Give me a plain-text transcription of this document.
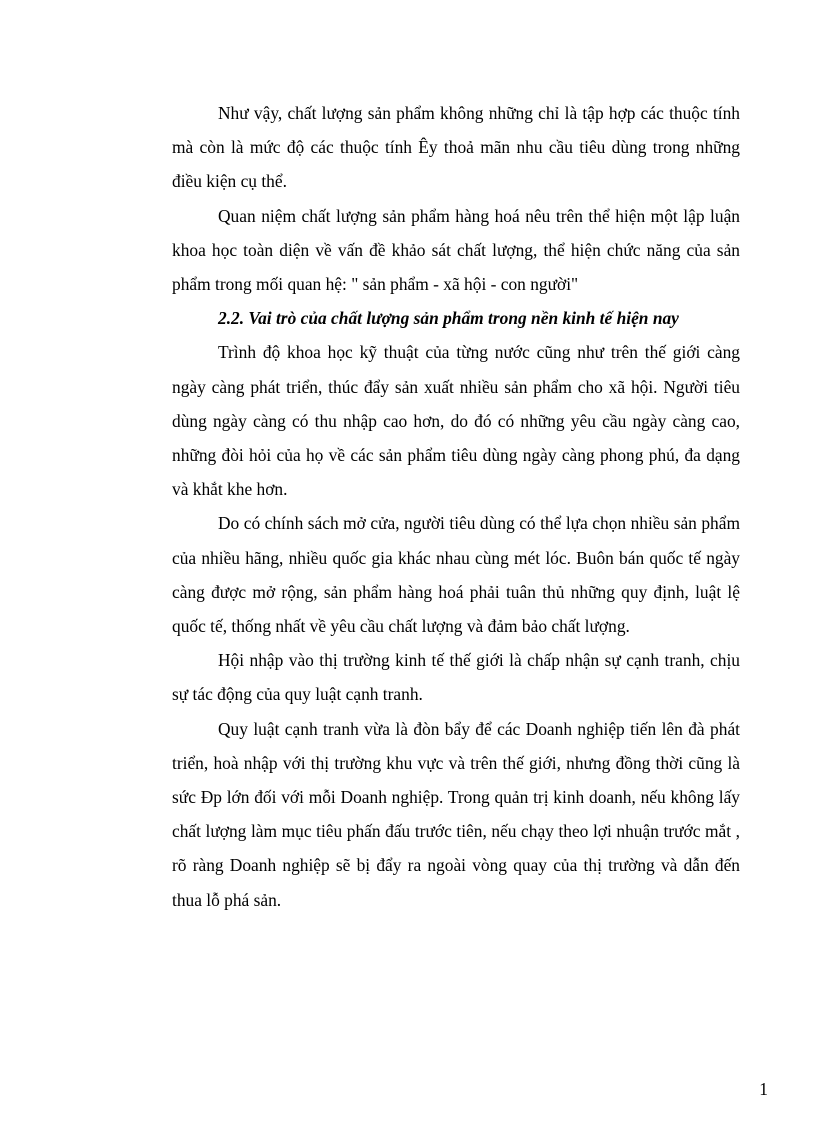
Như vậy, chất lượng sản phẩm không những chỉ là tập hợp các thuộc tính mà còn là mức độ các thuộc tính Êy thoả mãn nhu cầu tiêu dùng trong những điều kiện cụ thể.

Quan niệm chất lượng sản phẩm hàng hoá nêu trên thể hiện một lập luận khoa học toàn diện về vấn đề khảo sát chất lượng, thể hiện chức năng của sản phẩm trong mối quan hệ: " sản phẩm - xã hội - con người"

2.2. Vai trò của chất lượng sản phẩm trong nền kinh tế hiện nay

Trình độ khoa học kỹ thuật của từng nước cũng như trên thế giới càng ngày càng phát triển, thúc đẩy sản xuất nhiều sản phẩm cho xã hội. Người tiêu dùng ngày càng có thu nhập cao hơn, do đó có những yêu cầu ngày càng cao, những đòi hỏi của họ về các sản phẩm tiêu dùng ngày càng phong phú, đa dạng và khắt khe hơn.

Do có chính sách mở cửa, người tiêu dùng có thể lựa chọn nhiều sản phẩm của nhiều hãng, nhiều quốc gia khác nhau cùng mét lóc. Buôn bán quốc tế ngày càng được mở rộng, sản phẩm hàng hoá phải tuân thủ những quy định, luật lệ quốc tế, thống nhất về yêu cầu chất lượng và đảm bảo chất lượng.

Hội nhập vào thị trường kinh tế thế giới là chấp nhận sự cạnh tranh, chịu sự tác động của quy luật cạnh tranh.

Quy luật cạnh tranh vừa là đòn bẩy để các Doanh nghiệp tiến lên đà phát triển, hoà nhập với thị trường khu vực và trên thế giới, nhưng đồng thời cũng là sức Ðp lớn đối với mỗi Doanh nghiệp. Trong quản trị kinh doanh, nếu không lấy chất lượng làm mục tiêu phấn đấu trước tiên, nếu chạy theo lợi nhuận trước mắt , rõ ràng Doanh nghiệp sẽ bị đẩy ra ngoài vòng quay của thị trường và dẫn đến thua lỗ phá sản.

1
